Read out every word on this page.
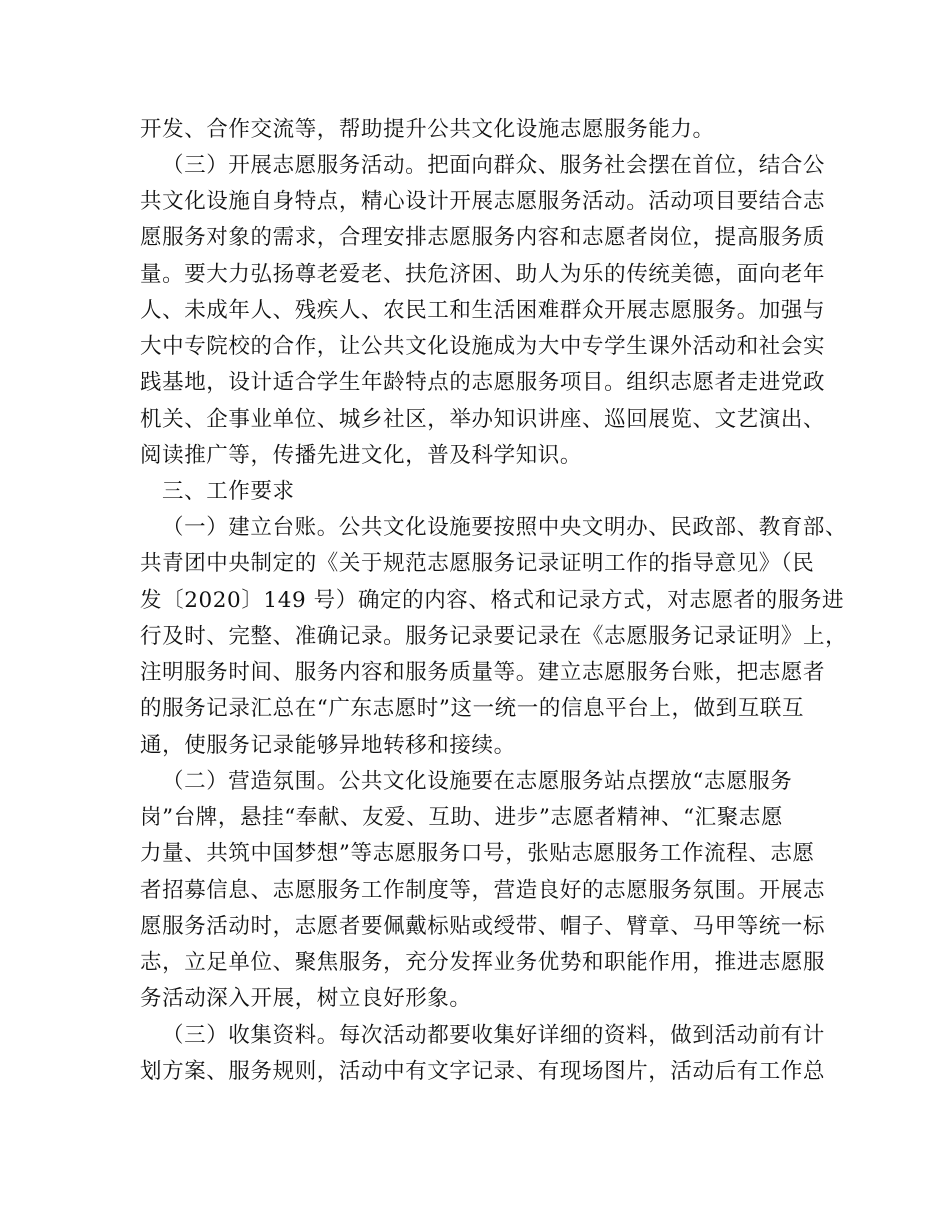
开发、合作交流等，帮助提升公共文化设施志愿服务能力。
（三）开展志愿服务活动。把面向群众、服务社会摆在首位，结合公
共文化设施自身特点，精心设计开展志愿服务活动。活动项目要结合志
愿服务对象的需求，合理安排志愿服务内容和志愿者岗位，提高服务质
量。要大力弘扬尊老爱老、扶危济困、助人为乐的传统美德，面向老年
人、未成年人、残疾人、农民工和生活困难群众开展志愿服务。加强与
大中专院校的合作，让公共文化设施成为大中专学生课外活动和社会实
践基地，设计适合学生年龄特点的志愿服务项目。组织志愿者走进党政
机关、企事业单位、城乡社区，举办知识讲座、巡回展览、文艺演出、
阅读推广等，传播先进文化，普及科学知识。
三、工作要求
（一）建立台账。公共文化设施要按照中央文明办、民政部、教育部、
共青团中央制定的《关于规范志愿服务记录证明工作的指导意见》（民
发〔2020〕149 号）确定的内容、格式和记录方式，对志愿者的服务进
行及时、完整、准确记录。服务记录要记录在《志愿服务记录证明》上，
注明服务时间、服务内容和服务质量等。建立志愿服务台账，把志愿者
的服务记录汇总在“广东志愿时”这一统一的信息平台上，做到互联互
通，使服务记录能够异地转移和接续。
（二）营造氛围。公共文化设施要在志愿服务站点摆放“志愿服务
岗”台牌，悬挂“奉献、友爱、互助、进步”志愿者精神、“汇聚志愿
力量、共筑中国梦想”等志愿服务口号，张贴志愿服务工作流程、志愿
者招募信息、志愿服务工作制度等，营造良好的志愿服务氛围。开展志
愿服务活动时，志愿者要佩戴标贴或绶带、帽子、臂章、马甲等统一标
志，立足单位、聚焦服务，充分发挥业务优势和职能作用，推进志愿服
务活动深入开展，树立良好形象。
（三）收集资料。每次活动都要收集好详细的资料，做到活动前有计
划方案、服务规则，活动中有文字记录、有现场图片，活动后有工作总
